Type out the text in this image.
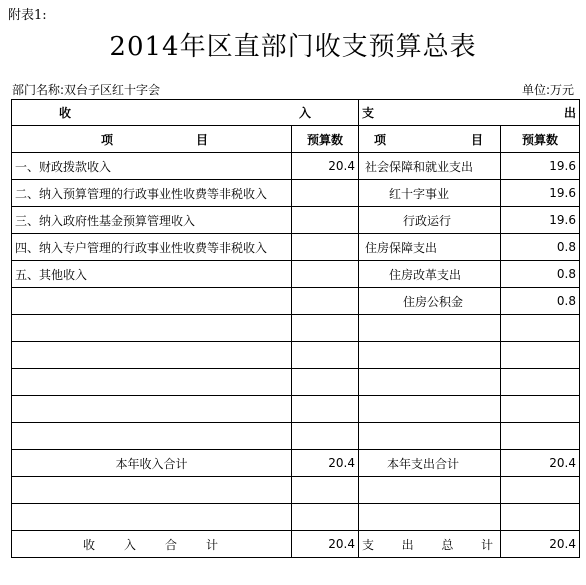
附表1:
2014年区直部门收支预算总表
部门名称:双台子区红十字会	单位:万元
收 入		支 出	

项 目	预算数	项 目	预算数
一、财政拨款收入	20.4	社会保障和就业支出	19.6
二、纳入预算管理的行政事业性收费等非税收入		红十字事业	19.6
三、纳入政府性基金预算管理收入		行政运行	19.6
四、纳入专户管理的行政事业性收费等非税收入		住房保障支出	0.8
五、其他收入		住房改革支出	0.8
		住房公积金	0.8

本年收入合计	20.4	本年支出合计	20.4

收 入 合 计	20.4	支 出 总 计	20.4
